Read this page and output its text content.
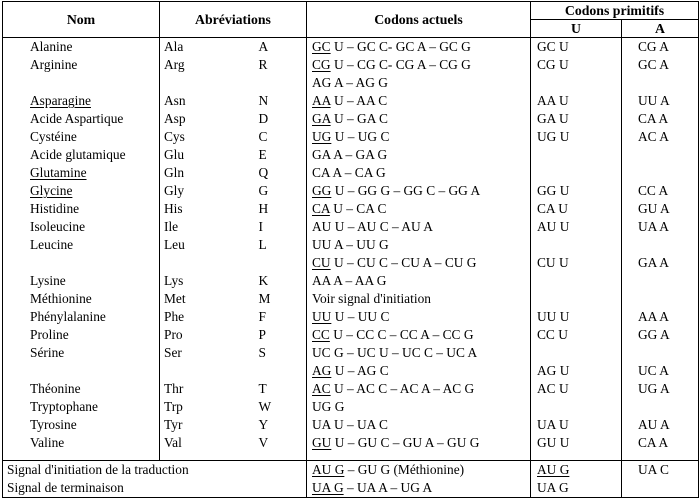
Nom	Abréviations		Codons actuels	Codons primitifs	
				U	A
Alanine	Ala	A	GC U – GC C- GC A – GC G	GC U	CG A
Arginine	Arg	R	CG U – CG C- CG A – CG G	CG U	GC A
			AG A – AG G		
Asparagine	Asn	N	AA U – AA C	AA U	UU A
Acide Aspartique	Asp	D	GA U – GA C	GA U	CA A
Cystéine	Cys	C	UG U – UG C	UG U	AC A
Acide glutamique	Glu	E	GA A – GA G		
Glutamine	Gln	Q	CA A – CA G		
Glycine	Gly	G	GG U – GG G – GG C – GG A	GG U	CC A
Histidine	His	H	CA U – CA C	CA U	GU A
Isoleucine	Ile	I	AU U – AU C – AU A	AU U	UA A
Leucine	Leu	L	UU A – UU G		
			CU U – CU C – CU A – CU G	CU U	GA A
Lysine	Lys	K	AA A – AA G		
Méthionine	Met	M	Voir signal d'initiation		
Phénylalanine	Phe	F	UU U – UU C	UU U	AA A
Proline	Pro	P	CC U – CC C – CC A – CC G	CC U	GG A
Sérine	Ser	S	UC G – UC U – UC C – UC A		
			AG U – AG C	AG U	UC A
Théonine	Thr	T	AC U – AC C – AC A – AC G	AC U	UG A
Tryptophane	Trp	W	UG G		
Tyrosine	Tyr	Y	UA U – UA C	UA U	AU A
Valine	Val	V	GU U – GU C – GU A – GU G	GU U	CA A

Signal d'initiation de la traduction			AU G – GU G (Méthionine)	AU G	UA C
Signal de terminaison			UA G – UA A – UG A	UA G	
